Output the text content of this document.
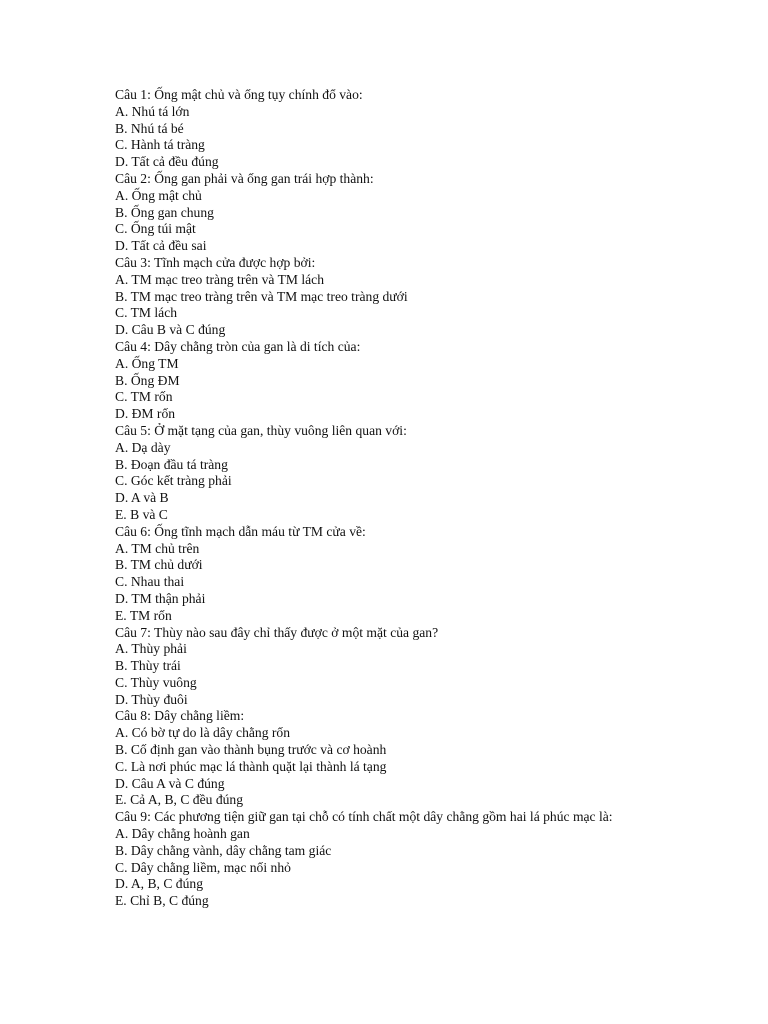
Câu 1: Ống mật chủ và ống tụy chính đổ vào:
A. Nhú tá lớn
B. Nhú tá bé
C. Hành tá tràng
D. Tất cả đều đúng
Câu 2: Ống gan phải và ống gan trái hợp thành:
A. Ống mật chủ
B. Ống gan chung
C. Ống túi mật
D. Tất cả đều sai
Câu 3: Tĩnh mạch cửa được hợp bởi:
A. TM mạc treo tràng trên và TM lách
B. TM mạc treo tràng trên và TM mạc treo tràng dưới
C. TM lách
D. Câu B và C đúng
Câu 4: Dây chằng tròn của gan là di tích của:
A. Ống TM
B. Ống ĐM
C. TM rốn
D. ĐM rốn
Câu 5: Ở mặt tạng của gan, thùy vuông liên quan với:
A. Dạ dày
B. Đoạn đầu tá tràng
C. Góc kết tràng phải
D. A và B
E. B và C
Câu 6: Ống tĩnh mạch dẫn máu từ TM cửa về:
A. TM chủ trên
B. TM chủ dưới
C. Nhau thai
D. TM thận phải
E. TM rốn
Câu 7: Thùy nào sau đây chỉ thấy được ở một mặt của gan?
A. Thùy phải
B. Thùy trái
C. Thùy vuông
D. Thùy đuôi
Câu 8: Dây chằng liềm:
A. Có bờ tự do là dây chằng rốn
B. Cố định gan vào thành bụng trước và cơ hoành
C. Là nơi phúc mạc lá thành quặt lại thành lá tạng
D. Câu A và C đúng
E. Cả A, B, C đều đúng
Câu 9: Các phương tiện giữ gan tại chỗ có tính chất một dây chằng gồm hai lá phúc mạc là:
A. Dây chằng hoành gan
B. Dây chằng vành, dây chằng tam giác
C. Dây chằng liềm, mạc nối nhỏ
D. A, B, C đúng
E. Chỉ B, C đúng
